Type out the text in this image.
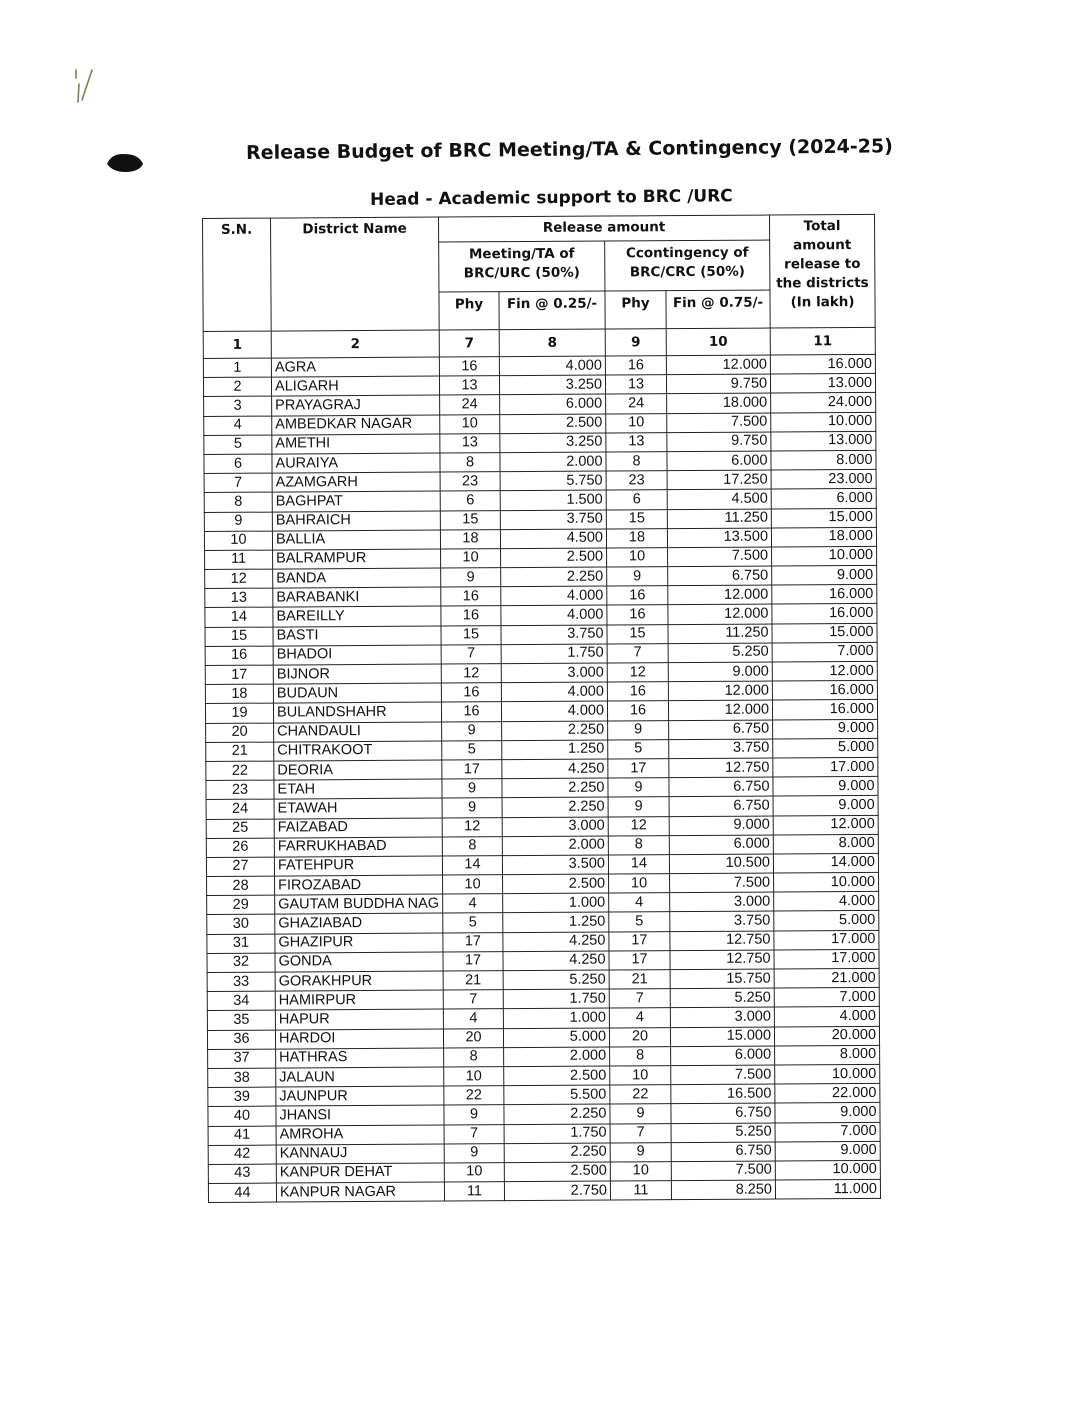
Release Budget of BRC Meeting/TA & Contingency (2024-25)
Head - Academic support to BRC /URC
S.N.	District Name	Release amount				Total amount release to the districts (In lakh)
		Meeting/TA of BRC/URC (50%)		Ccontingency of BRC/CRC (50%)		
		Phy	Fin @ 0.25/-	Phy	Fin @ 0.75/-	
1	2	7	8	9	10	11
1	AGRA	16	4.000	16	12.000	16.000
2	ALIGARH	13	3.250	13	9.750	13.000
3	PRAYAGRAJ	24	6.000	24	18.000	24.000
4	AMBEDKAR NAGAR	10	2.500	10	7.500	10.000
5	AMETHI	13	3.250	13	9.750	13.000
6	AURAIYA	8	2.000	8	6.000	8.000
7	AZAMGARH	23	5.750	23	17.250	23.000
8	BAGHPAT	6	1.500	6	4.500	6.000
9	BAHRAICH	15	3.750	15	11.250	15.000
10	BALLIA	18	4.500	18	13.500	18.000
11	BALRAMPUR	10	2.500	10	7.500	10.000
12	BANDA	9	2.250	9	6.750	9.000
13	BARABANKI	16	4.000	16	12.000	16.000
14	BAREILLY	16	4.000	16	12.000	16.000
15	BASTI	15	3.750	15	11.250	15.000
16	BHADOI	7	1.750	7	5.250	7.000
17	BIJNOR	12	3.000	12	9.000	12.000
18	BUDAUN	16	4.000	16	12.000	16.000
19	BULANDSHAHR	16	4.000	16	12.000	16.000
20	CHANDAULI	9	2.250	9	6.750	9.000
21	CHITRAKOOT	5	1.250	5	3.750	5.000
22	DEORIA	17	4.250	17	12.750	17.000
23	ETAH	9	2.250	9	6.750	9.000
24	ETAWAH	9	2.250	9	6.750	9.000
25	FAIZABAD	12	3.000	12	9.000	12.000
26	FARRUKHABAD	8	2.000	8	6.000	8.000
27	FATEHPUR	14	3.500	14	10.500	14.000
28	FIROZABAD	10	2.500	10	7.500	10.000
29	GAUTAM BUDDHA NAG	4	1.000	4	3.000	4.000
30	GHAZIABAD	5	1.250	5	3.750	5.000
31	GHAZIPUR	17	4.250	17	12.750	17.000
32	GONDA	17	4.250	17	12.750	17.000
33	GORAKHPUR	21	5.250	21	15.750	21.000
34	HAMIRPUR	7	1.750	7	5.250	7.000
35	HAPUR	4	1.000	4	3.000	4.000
36	HARDOI	20	5.000	20	15.000	20.000
37	HATHRAS	8	2.000	8	6.000	8.000
38	JALAUN	10	2.500	10	7.500	10.000
39	JAUNPUR	22	5.500	22	16.500	22.000
40	JHANSI	9	2.250	9	6.750	9.000
41	AMROHA	7	1.750	7	5.250	7.000
42	KANNAUJ	9	2.250	9	6.750	9.000
43	KANPUR DEHAT	10	2.500	10	7.500	10.000
44	KANPUR NAGAR	11	2.750	11	8.250	11.000
